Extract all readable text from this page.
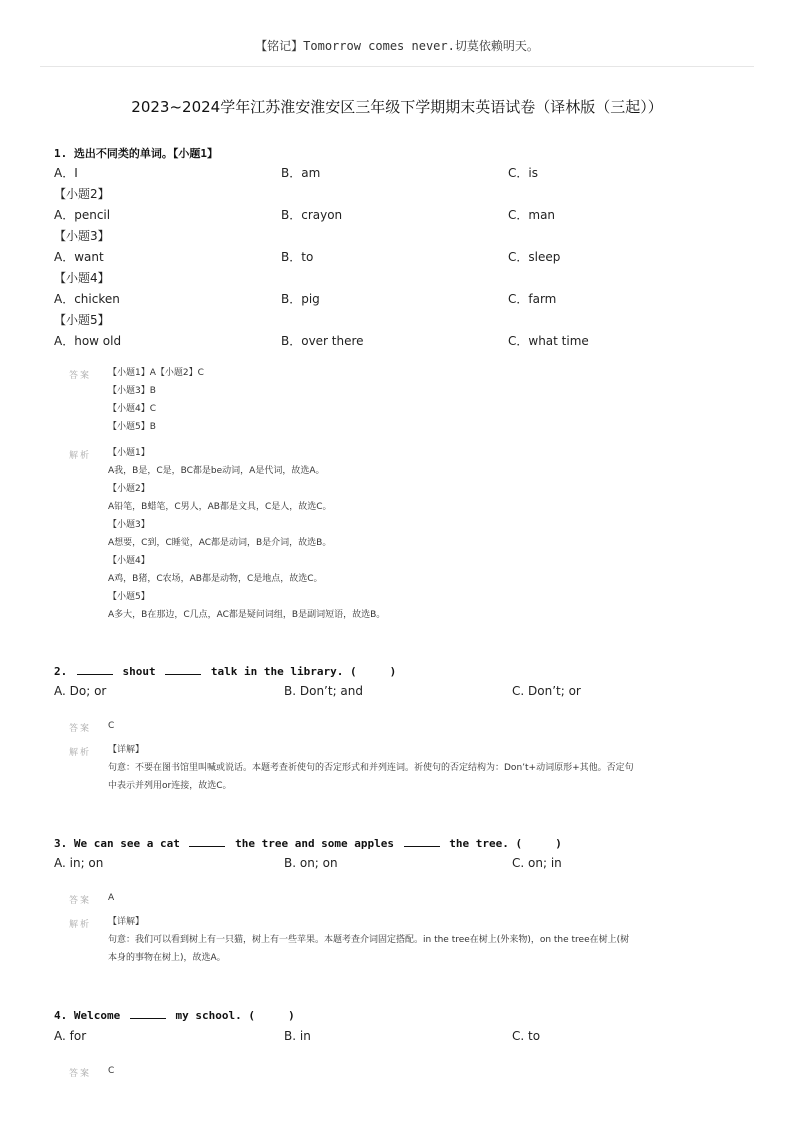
【铭记】Tomorrow comes never.切莫依赖明天。
2023~2024学年江苏淮安淮安区三年级下学期期末英语试卷（译林版（三起））
1. 选出不同类的单词。【小题1】
A．I	B．am	C．is
【小题2】
A．pencil	B．crayon	C．man
【小题3】
A．want	B．to	C．sleep
【小题4】
A．chicken	B．pig	C．farm
【小题5】
A．how old	B．over there	C．what time
答案 【小题1】A【小题2】C
【小题3】B
【小题4】C
【小题5】B
解析 【小题1】
A我，B是，C是，BC都是be动词，A是代词，故选A。
【小题2】
A铅笔，B蜡笔，C男人，AB都是文具，C是人，故选C。
【小题3】
A想要，C到，C睡觉，AC都是动词，B是介词，故选B。
【小题4】
A鸡，B猪，C农场，AB都是动物，C是地点，故选C。
【小题5】
A多大，B在那边，C几点，AC都是疑问词组，B是副词短语，故选B。
2.	shout	talk in the library. (     )
A. Do; or	B. Don’t; and	C. Don’t; or
答案 C
解析 【详解】
句意：不要在图书馆里叫喊或说话。本题考查祈使句的否定形式和并列连词。祈使句的否定结构为：Don’t+动词原形+其他。否定句
中表示并列用or连接，故选C。
3. We can see a cat	the tree and some apples	the tree. (     )
A. in; on	B. on; on	C. on; in
答案 A
解析 【详解】
句意：我们可以看到树上有一只猫，树上有一些苹果。本题考查介词固定搭配。in the tree在树上(外来物)，on the tree在树上(树
本身的事物在树上)，故选A。
4. Welcome	my school. (     )
A. for	B. in	C. to
答案 C
